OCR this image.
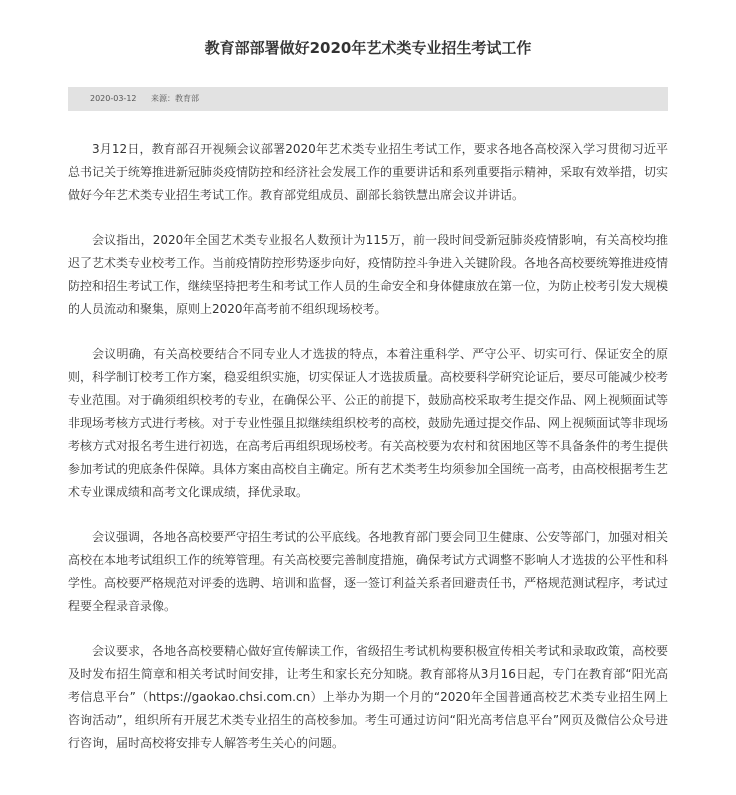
教育部部署做好2020年艺术类专业招生考试工作
2020-03-12 来源：教育部

3月12日，教育部召开视频会议部署2020年艺术类专业招生考试工作，要求各地各高校深入学习贯彻习近平总书记关于统筹推进新冠肺炎疫情防控和经济社会发展工作的重要讲话和系列重要指示精神，采取有效举措，切实做好今年艺术类专业招生考试工作。教育部党组成员、副部长翁铁慧出席会议并讲话。

会议指出，2020年全国艺术类专业报名人数预计为115万，前一段时间受新冠肺炎疫情影响，有关高校均推迟了艺术类专业校考工作。当前疫情防控形势逐步向好，疫情防控斗争进入关键阶段。各地各高校要统筹推进疫情防控和招生考试工作，继续坚持把考生和考试工作人员的生命安全和身体健康放在第一位，为防止校考引发大规模的人员流动和聚集，原则上2020年高考前不组织现场校考。

会议明确，有关高校要结合不同专业人才选拔的特点，本着注重科学、严守公平、切实可行、保证安全的原则，科学制订校考工作方案，稳妥组织实施，切实保证人才选拔质量。高校要科学研究论证后，要尽可能减少校考专业范围。对于确须组织校考的专业，在确保公平、公正的前提下，鼓励高校采取考生提交作品、网上视频面试等非现场考核方式进行考核。对于专业性强且拟继续组织校考的高校，鼓励先通过提交作品、网上视频面试等非现场考核方式对报名考生进行初选，在高考后再组织现场校考。有关高校要为农村和贫困地区等不具备条件的考生提供参加考试的兜底条件保障。具体方案由高校自主确定。所有艺术类考生均须参加全国统一高考，由高校根据考生艺术专业课成绩和高考文化课成绩，择优录取。

会议强调，各地各高校要严守招生考试的公平底线。各地教育部门要会同卫生健康、公安等部门，加强对相关高校在本地考试组织工作的统筹管理。有关高校要完善制度措施，确保考试方式调整不影响人才选拔的公平性和科学性。高校要严格规范对评委的选聘、培训和监督，逐一签订利益关系者回避责任书，严格规范测试程序，考试过程要全程录音录像。

会议要求，各地各高校要精心做好宣传解读工作，省级招生考试机构要积极宣传相关考试和录取政策，高校要及时发布招生简章和相关考试时间安排，让考生和家长充分知晓。教育部将从3月16日起，专门在教育部“阳光高考信息平台”（https://gaokao.chsi.com.cn）上举办为期一个月的“2020年全国普通高校艺术类专业招生网上咨询活动”，组织所有开展艺术类专业招生的高校参加。考生可通过访问“阳光高考信息平台”网页及微信公众号进行咨询，届时高校将安排专人解答考生关心的问题。
